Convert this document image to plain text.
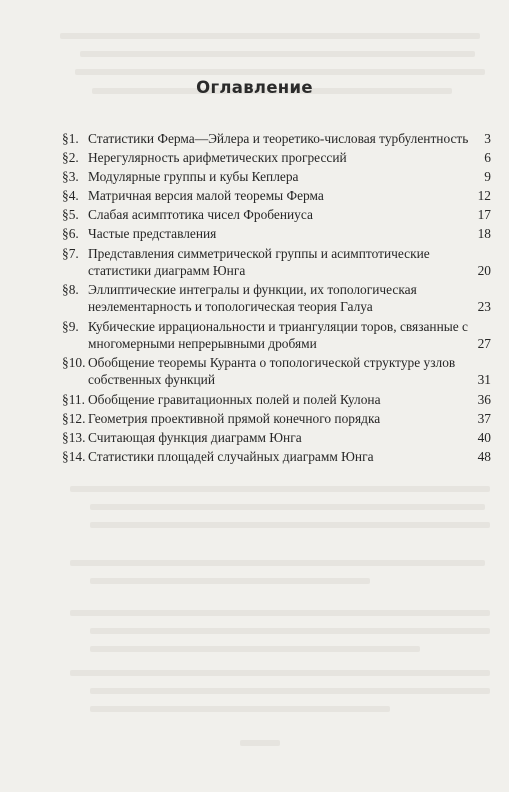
Оглавление
§1. Статистики Ферма—Эйлера и теоретико-числовая турбулентность	3
§2. Нерегулярность арифметических прогрессий	6
§3. Модулярные группы и кубы Кеплера	9
§4. Матричная версия малой теоремы Ферма	12
§5. Слабая асимптотика чисел Фробениуса	17
§6. Частые представления	18
§7. Представления симметрической группы и асимптотические статистики диаграмм Юнга	20
§8. Эллиптические интегралы и функции, их топологическая неэлементарность и топологическая теория Галуа	23
§9. Кубические иррациональности и триангуляции торов, связанные с многомерными непрерывными дробями	27
§10. Обобщение теоремы Куранта о топологической структуре узлов собственных функций	31
§11. Обобщение гравитационных полей и полей Кулона	36
§12. Геометрия проективной прямой конечного порядка	37
§13. Считающая функция диаграмм Юнга	40
§14. Статистики площадей случайных диаграмм Юнга	48
